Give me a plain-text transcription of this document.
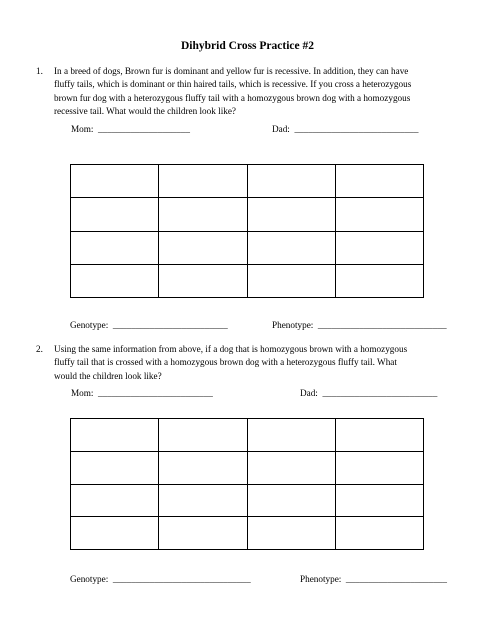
Dihybrid Cross Practice #2
1. In a breed of dogs, Brown fur is dominant and yellow fur is recessive. In addition, they can have
fluffy tails, which is dominant or thin haired tails, which is recessive. If you cross a heterozygous
brown fur dog with a heterozygous fluffy tail with a homozygous brown dog with a homozygous
recessive tail. What would the children look like?
Mom:  ____________________	Dad:  ___________________________

Genotype:  _________________________	Phenotype:  ____________________________
2. Using the same information from above, if a dog that is homozygous brown with a homozygous
fluffy tail that is crossed with a homozygous brown dog with a heterozygous fluffy tail. What
would the children look like?
Mom:  _________________________	Dad:  _________________________

Genotype:  ______________________________	Phenotype:  ______________________
